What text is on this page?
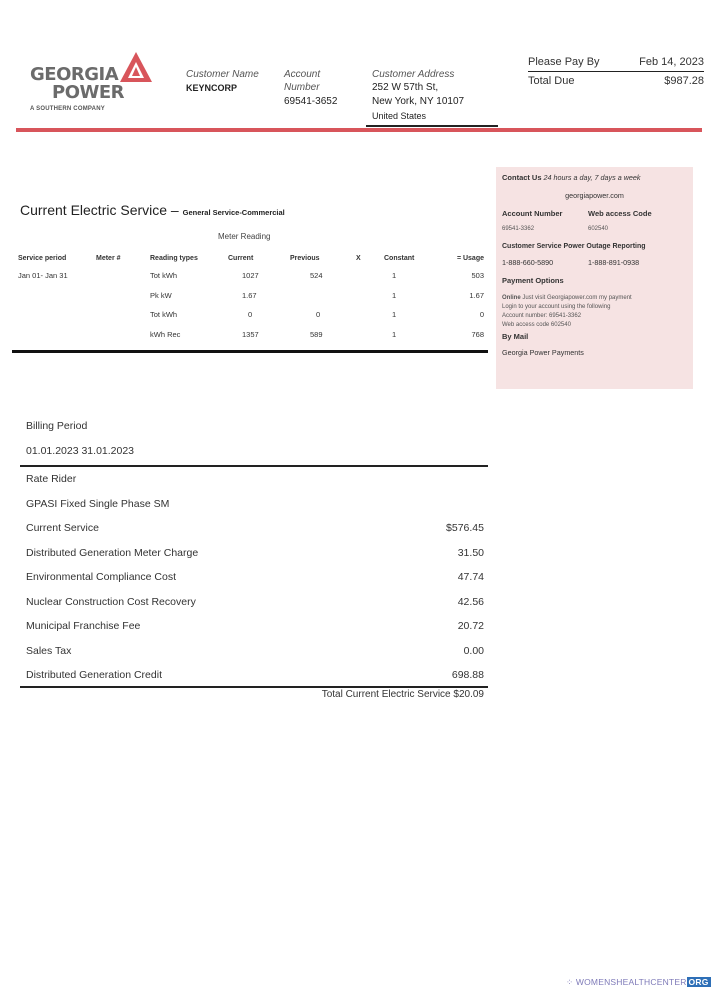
GEORGIA
POWER
A SOUTHERN COMPANY
Customer Name
KEYNCORP
Account
Number
69541-3652
Customer Address
252 W 57th St,
New York, NY 10107
United States
Please Pay By	Feb 14, 2023
Total Due	$987.28
Contact Us 24 hours a day, 7 days a week
georgiapower.com
Account Number	Web access Code
69541-3362	602540
Customer Service Power Outage Reporting
1-888-660-5890	1-888-891-0938
Payment Options
Online Just visit Georgiapower.com my payment
Login to your account using the following
Account number: 69541-3362
Web access code 602540
By Mail
Georgia Power Payments
Current Electric Service – General Service-Commercial
Meter Reading
Service period	Meter #	Reading types	Current	Previous	X	Constant	= Usage
Jan 01- Jan 31		Tot kWh	1027	524		1	503
		Pk kW	1.67			1	1.67
		Tot kWh	0	0		1	0
		kWh Rec	1357	589		1	768
Billing Period
01.01.2023 31.01.2023
Rate Rider
GPASI Fixed Single Phase SM
Current Service	$576.45
Distributed Generation Meter Charge	31.50
Environmental Compliance Cost	47.74
Nuclear Construction Cost Recovery	42.56
Municipal Franchise Fee	20.72
Sales Tax	0.00
Distributed Generation Credit	698.88
Total Current Electric Service $20.09
⁘ WOMENSHEALTHCENTER ORG
